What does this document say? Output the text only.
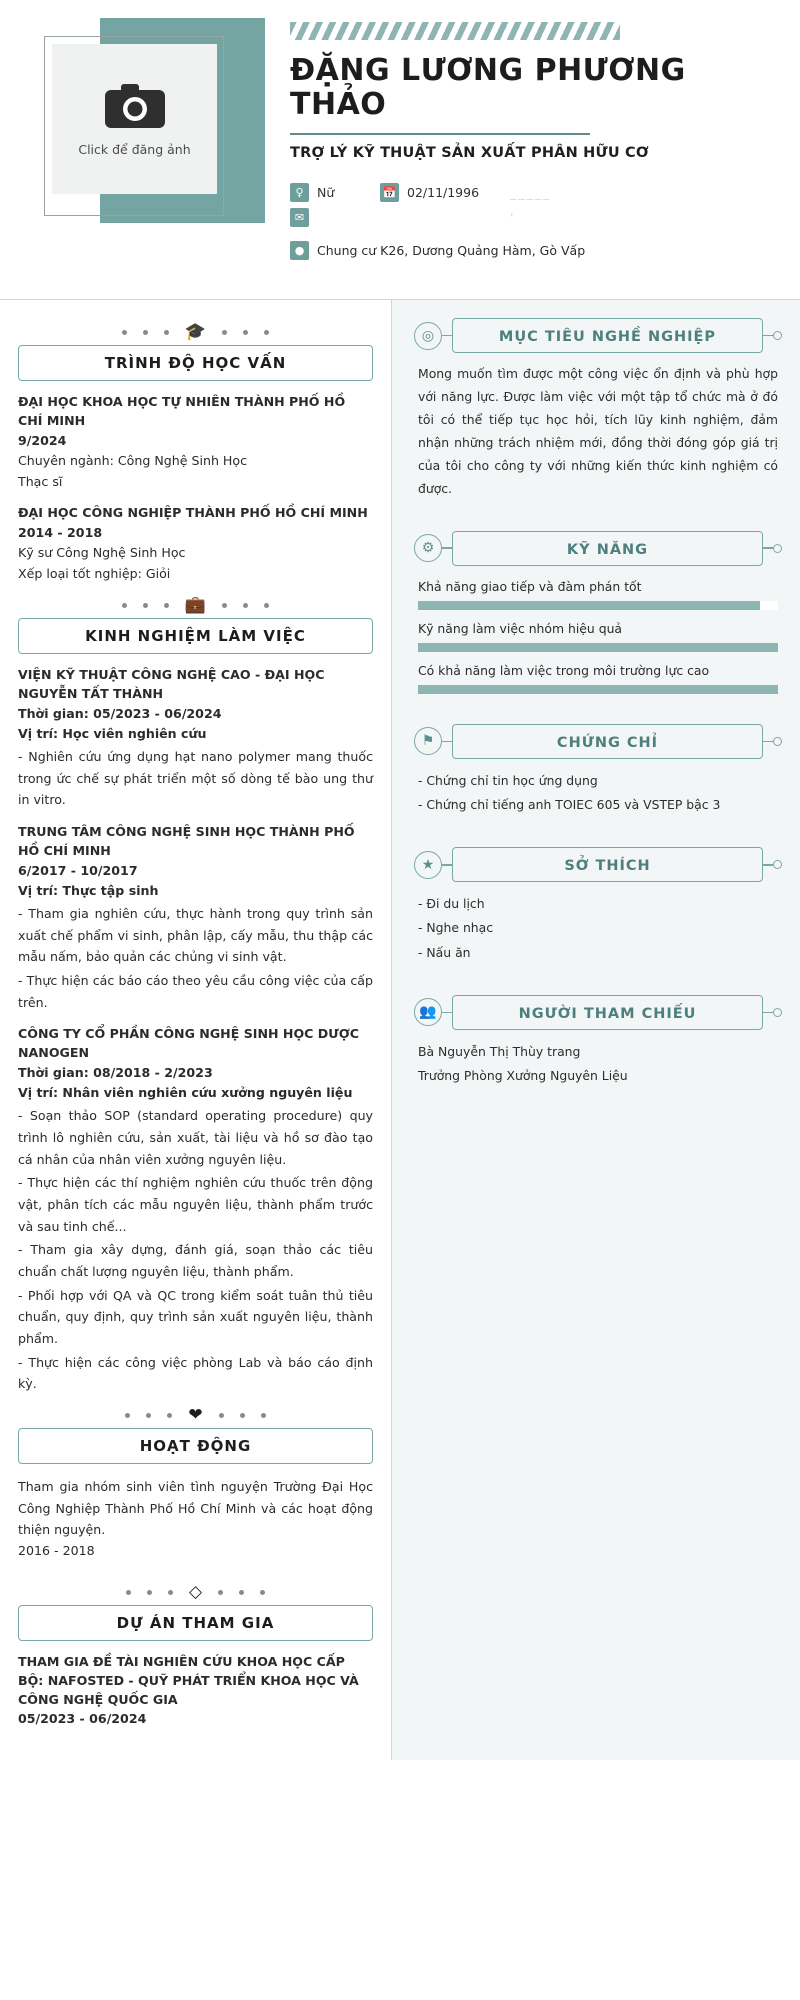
Click để đăng ảnh
ĐẶNG LƯƠNG PHƯƠNG THẢO
TRỢ LÝ KỸ THUẬT SẢN XUẤT PHÂN HỮU CƠ
♀	Nữ	📅 02/11/1996 _____
✉	'
●	Chung cư K26, Dương Quảng Hàm, Gò Vấp
🎓
TRÌNH ĐỘ HỌC VẤN
ĐẠI HỌC KHOA HỌC TỰ NHIÊN THÀNH PHỐ HỒ CHÍ MINH
9/2024
Chuyên ngành: Công Nghệ Sinh Học
Thạc sĩ
ĐẠI HỌC CÔNG NGHIỆP THÀNH PHỐ HỒ CHÍ MINH
2014 - 2018
Kỹ sư Công Nghệ Sinh Học
Xếp loại tốt nghiệp: Giỏi
💼
KINH NGHIỆM LÀM VIỆC
VIỆN KỸ THUẬT CÔNG NGHỆ CAO - ĐẠI HỌC NGUYỄN TẤT THÀNH
Thời gian: 05/2023 - 06/2024
Vị trí: Học viên nghiên cứu
- Nghiên cứu ứng dụng hạt nano polymer mang thuốc trong ức chế sự phát triển một số dòng tế bào ung thư in vitro.
TRUNG TÂM CÔNG NGHỆ SINH HỌC THÀNH PHỐ HỒ CHÍ MINH
6/2017 - 10/2017
Vị trí: Thực tập sinh
- Tham gia nghiên cứu, thực hành trong quy trình sản xuất chế phẩm vi sinh, phân lập, cấy mẫu, thu thập các mẫu nấm, bảo quản các chủng vi sinh vật.
- Thực hiện các báo cáo theo yêu cầu công việc của cấp trên.
CÔNG TY CỔ PHẦN CÔNG NGHỆ SINH HỌC DƯỢC NANOGEN
Thời gian: 08/2018 - 2/2023
Vị trí: Nhân viên nghiên cứu xưởng nguyên liệu
- Soạn thảo SOP (standard operating procedure) quy trình lô nghiên cứu, sản xuất, tài liệu và hồ sơ đào tạo cá nhân của nhân viên xưởng nguyên liệu.
- Thực hiện các thí nghiệm nghiên cứu thuốc trên động vật, phân tích các mẫu nguyên liệu, thành phẩm trước và sau tinh chế...
- Tham gia xây dựng, đánh giá, soạn thảo các tiêu chuẩn chất lượng nguyên liệu, thành phẩm.
- Phối hợp với QA và QC trong kiểm soát tuân thủ tiêu chuẩn, quy định, quy trình sản xuất nguyên liệu, thành phẩm.
- Thực hiện các công việc phòng Lab và báo cáo định kỳ.
❤
HOẠT ĐỘNG
Tham gia nhóm sinh viên tình nguyện Trường Đại Học Công Nghiệp Thành Phố Hồ Chí Minh và các hoạt động thiện nguyện.
2016 - 2018
◇
DỰ ÁN THAM GIA
THAM GIA ĐỀ TÀI NGHIÊN CỨU KHOA HỌC CẤP BỘ: NAFOSTED - QUỸ PHÁT TRIỂN KHOA HỌC VÀ CÔNG NGHỆ QUỐC GIA
05/2023 - 06/2024
◎	MỤC TIÊU NGHỀ NGHIỆP
Mong muốn tìm được một công việc ổn định và phù hợp với năng lực. Được làm việc với một tập tổ chức mà ở đó tôi có thể tiếp tục học hỏi, tích lũy kinh nghiệm, đảm nhận những trách nhiệm mới, đồng thời đóng góp giá trị của tôi cho công ty với những kiến thức kinh nghiệm có được.
⚙	KỸ NĂNG
Khả năng giao tiếp và đàm phán tốt
Kỹ năng làm việc nhóm hiệu quả
Có khả năng làm việc trong môi trường lực cao
⚑	CHỨNG CHỈ
- Chứng chỉ tin học ứng dụng
- Chứng chỉ tiếng anh TOIEC 605 và VSTEP bậc 3
★	SỞ THÍCH
- Đi du lịch
- Nghe nhạc
- Nấu ăn
👥	NGƯỜI THAM CHIẾU
Bà Nguyễn Thị Thùy trang
Trưởng Phòng Xưởng Nguyên Liệu
